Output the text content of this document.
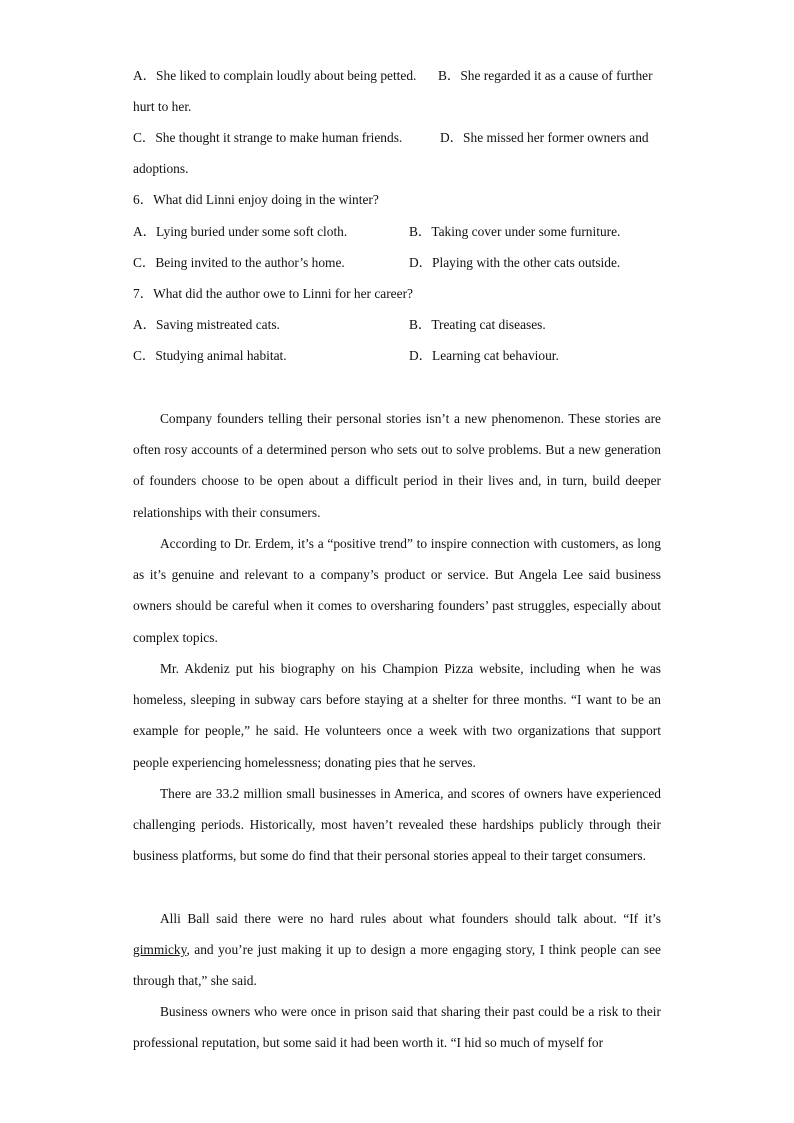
A．She liked to complain loudly about being petted. B．She regarded it as a cause of further
hurt to her.
C．She thought it strange to make human friends.	D．She missed her former owners and
adoptions.
6．What did Linni enjoy doing in the winter?
A．Lying buried under some soft cloth.	B．Taking cover under some furniture.
C．Being invited to the author’s home.	D．Playing with the other cats outside.
7．What did the author owe to Linni for her career?
A．Saving mistreated cats.	B．Treating cat diseases.
C．Studying animal habitat.	D．Learning cat behaviour.

Company founders telling their personal stories isn’t a new phenomenon. These stories are often rosy accounts of a determined person who sets out to solve problems. But a new generation of founders choose to be open about a difficult period in their lives and, in turn, build deeper relationships with their consumers.

According to Dr. Erdem, it’s a “positive trend” to inspire connection with customers, as long as it’s genuine and relevant to a company’s product or service. But Angela Lee said business owners should be careful when it comes to oversharing founders’ past struggles, especially about complex topics.

Mr. Akdeniz put his biography on his Champion Pizza website, including when he was homeless, sleeping in subway cars before staying at a shelter for three months. “I want to be an example for people,” he said. He volunteers once a week with two organizations that support people experiencing homelessness; donating pies that he serves.

There are 33.2 million small businesses in America, and scores of owners have experienced challenging periods. Historically, most haven’t revealed these hardships publicly through their business platforms, but some do find that their personal stories appeal to their target consumers.

Alli Ball said there were no hard rules about what founders should talk about. “If it’s gimmicky, and you’re just making it up to design a more engaging story, I think people can see through that,” she said.

Business owners who were once in prison said that sharing their past could be a risk to their professional reputation, but some said it had been worth it. “I hid so much of myself for
